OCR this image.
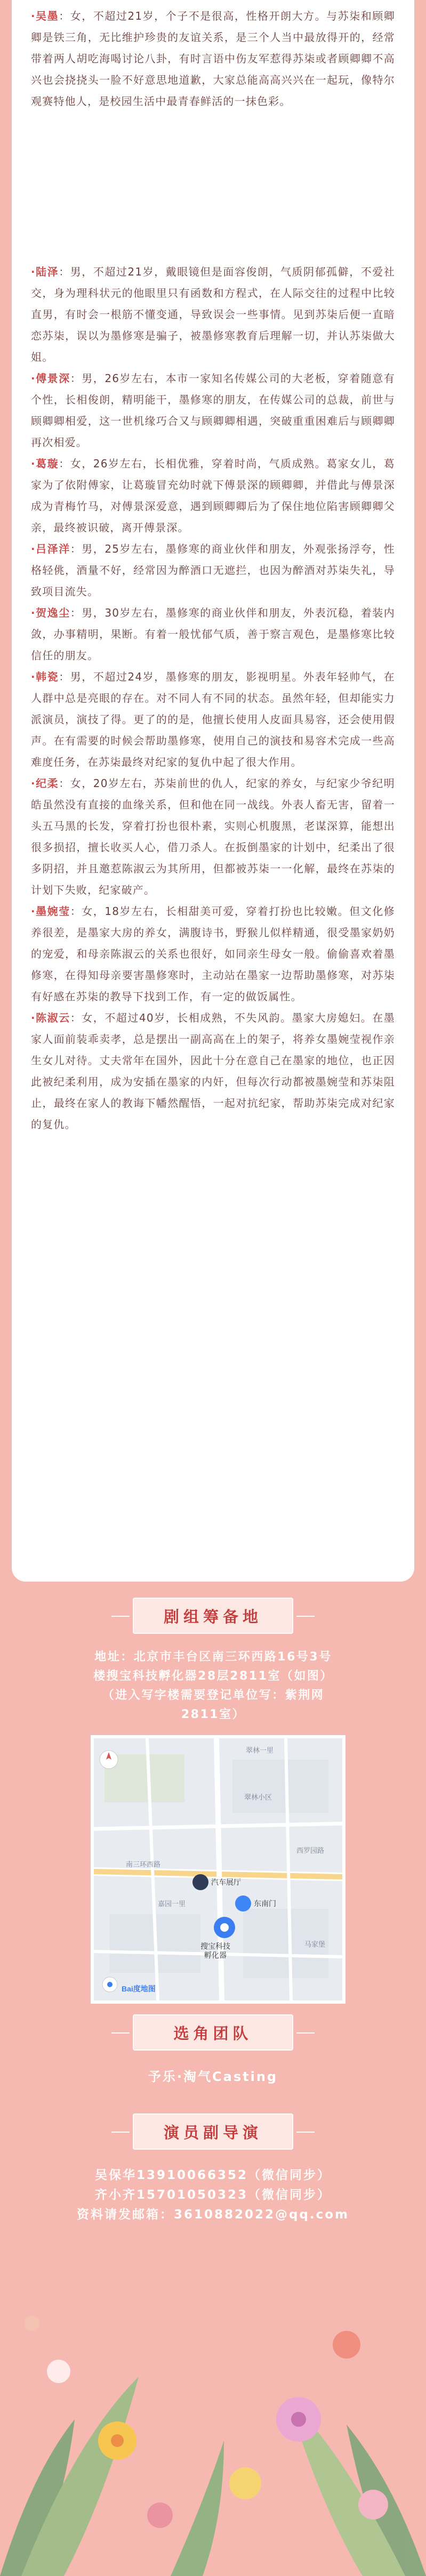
·吴墨：女，不超过21岁，个子不是很高，性格开朗大方。与苏柒和顾卿卿是铁三角，无比维护珍贵的友谊关系，是三个人当中最放得开的，经常带着两人胡吃海喝讨论八卦，有时言语中伤友军惹得苏柒或者顾卿卿不高兴也会挠挠头一脸不好意思地道歉，大家总能高高兴兴在一起玩，像特尔观赛特他人，是校园生活中最青春鲜活的一抹色彩。

·陆泽：男，不超过21岁，戴眼镜但是面容俊朗，气质阴郁孤僻，不爱社交，身为理科状元的他眼里只有函数和方程式，在人际交往的过程中比较直男，有时会一根筋不懂变通，导致误会一些事情。见到苏柒后便一直暗恋苏柒，误以为墨修寒是骗子，被墨修寒教育后理解一切，并认苏柒做大姐。

·傅景深：男，26岁左右，本市一家知名传媒公司的大老板，穿着随意有个性，长相俊朗，精明能干，墨修寒的朋友，在传媒公司的总裁，前世与顾卿卿相爱，这一世机缘巧合又与顾卿卿相遇，突破重重困难后与顾卿卿再次相爱。

·葛璇：女，26岁左右，长相优雅，穿着时尚，气质成熟。葛家女儿，葛家为了依附傅家，让葛璇冒充幼时就下傅景深的顾卿卿，并借此与傅景深成为青梅竹马，对傅景深爱意，遇到顾卿卿后为了保住地位陷害顾卿卿父亲，最终被识破，离开傅景深。

·吕泽洋：男，25岁左右，墨修寒的商业伙伴和朋友，外观张扬浮夸，性格轻佻，酒量不好，经常因为醉酒口无遮拦，也因为醉酒对苏柒失礼，导致项目流失。

·贺逸尘：男，30岁左右，墨修寒的商业伙伴和朋友，外表沉稳，着装内敛，办事精明，果断。有着一般忧郁气质，善于察言观色，是墨修寒比较信任的朋友。

·韩瓷：男，不超过24岁，墨修寒的朋友，影视明星。外表年轻帅气，在人群中总是亮眼的存在。对不同人有不同的状态。虽然年轻，但却能实力派演员，演技了得。更了的的是，他擅长使用人皮面具易容，还会使用假声。在有需要的时候会帮助墨修寒，使用自己的演技和易容术完成一些高难度任务，在苏柒最终对纪家的复仇中起了很大作用。

·纪柔：女，20岁左右，苏柒前世的仇人，纪家的养女，与纪家少爷纪明皓虽然没有直接的血缘关系，但和他在同一战线。外表人畜无害，留着一头五马黑的长发，穿着打扮也很朴素，实则心机腹黑，老谋深算，能想出很多损招，擅长收买人心，借刀杀人。在扳倒墨家的计划中，纪柔出了很多阴招，并且邀惹陈淑云为其所用，但都被苏柒一一化解，最终在苏柒的计划下失败，纪家破产。

·墨婉莹：女，18岁左右，长相甜美可爱，穿着打扮也比较嫩。但文化修养很差，是墨家大房的养女，满腹诗书，野猴儿似样精通，很受墨家奶奶的宠爱，和母亲陈淑云的关系也很好，如同亲生母女一般。偷偷喜欢着墨修寒，在得知母亲要害墨修寒时，主动站在墨家一边帮助墨修寒，对苏柒有好感在苏柒的教导下找到工作，有一定的做饭属性。

·陈淑云：女，不超过40岁，长相成熟，不失风韵。墨家大房媳妇。在墨家人面前装乖卖孝，总是摆出一副高高在上的架子，将养女墨婉莹视作亲生女儿对待。丈夫常年在国外，因此十分在意自己在墨家的地位，也正因此被纪柔利用，成为安插在墨家的内奸，但每次行动都被墨婉莹和苏柒阻止，最终在家人的教诲下幡然醒悟，一起对抗纪家，帮助苏柒完成对纪家的复仇。

剧组筹备地
地址：北京市丰台区南三环西路16号3号
楼搜宝科技孵化器28层2811室（如图）
（进入写字楼需要登记单位写：紫荆网
2811室）
翠林一里
翠林小区
嘉园一里
马家堡
南三环西路
西罗园路
汽车展厅
东南门
搜宝科技
孵化器
Bai度地图
选角团队
予乐·淘气Casting
演员副导演
吴保华13910066352（微信同步）
齐小齐15701050323（微信同步）
资料请发邮箱：3610882022@qq.com
